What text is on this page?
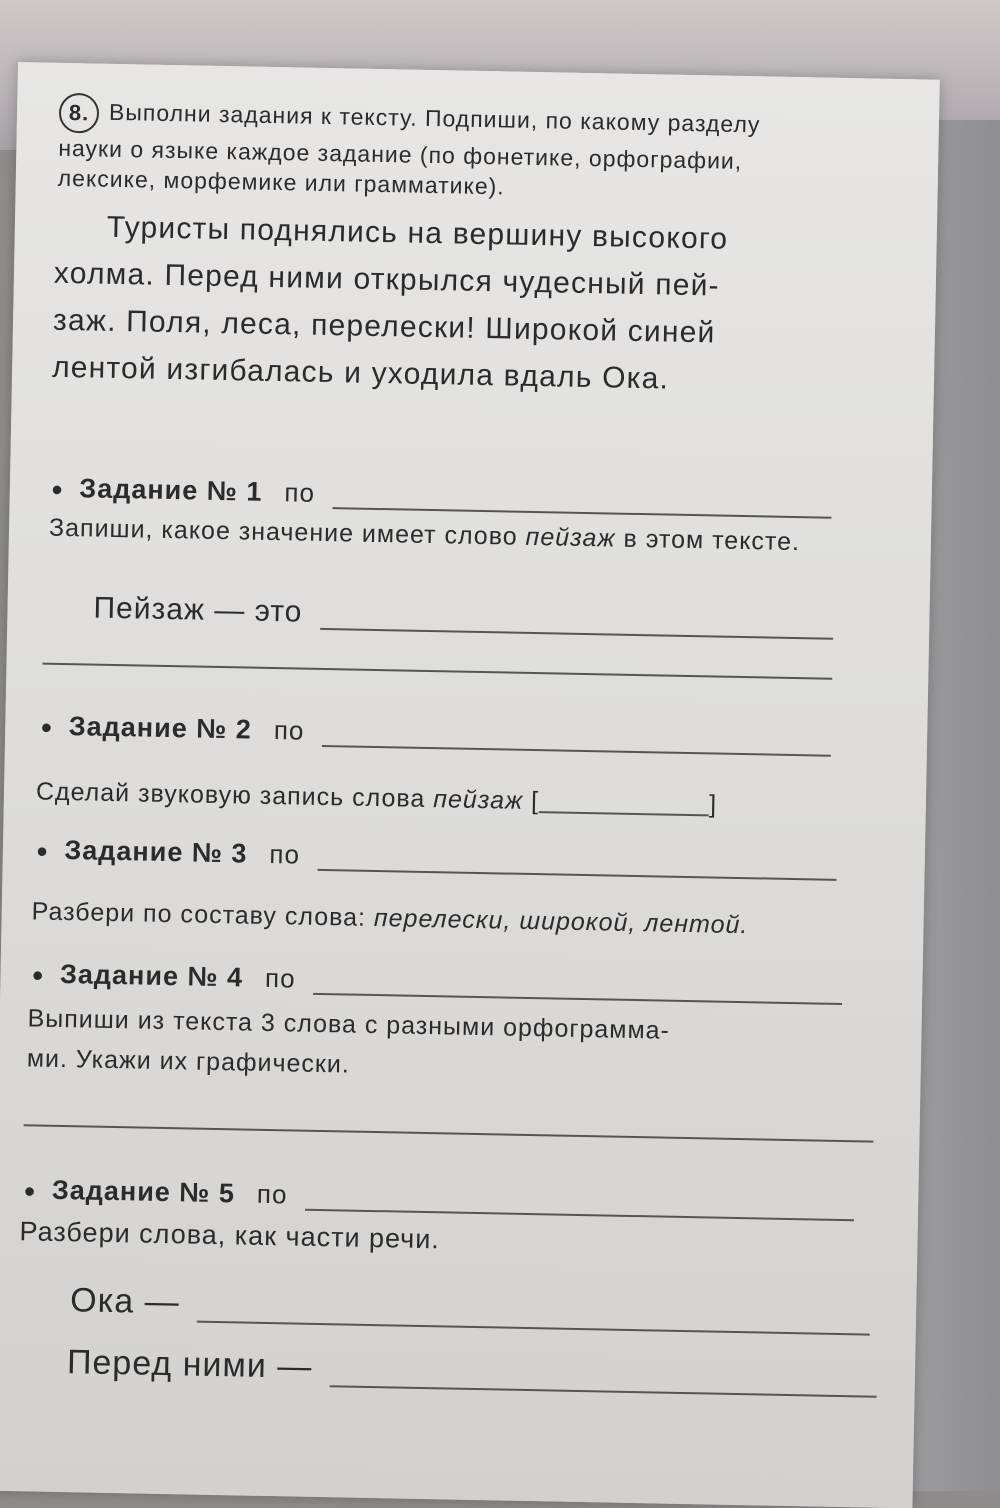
8. Выполни задания к тексту. Подпиши, по какому разделу науки о языке каждое задание (по фонетике, орфографии, лексике, морфемике или грамматике).
Туристы поднялись на вершину высокого
холма. Перед ними открылся чудесный пей-
заж. Поля, леса, перелески! Широкой синей
лентой изгибалась и уходила вдаль Ока.
• Задание № 1 по
Запиши, какое значение имеет слово пейзаж в этом тексте.
Пейзаж — это
• Задание № 2 по
Сделай звуковую запись слова пейзаж [	]
• Задание № 3 по
Разбери по составу слова: перелески, широкой, лентой.
• Задание № 4 по
Выпиши из текста 3 слова с разными орфограмма-
ми. Укажи их графически.
• Задание № 5 по
Разбери слова, как части речи.
Ока —
Перед ними —
